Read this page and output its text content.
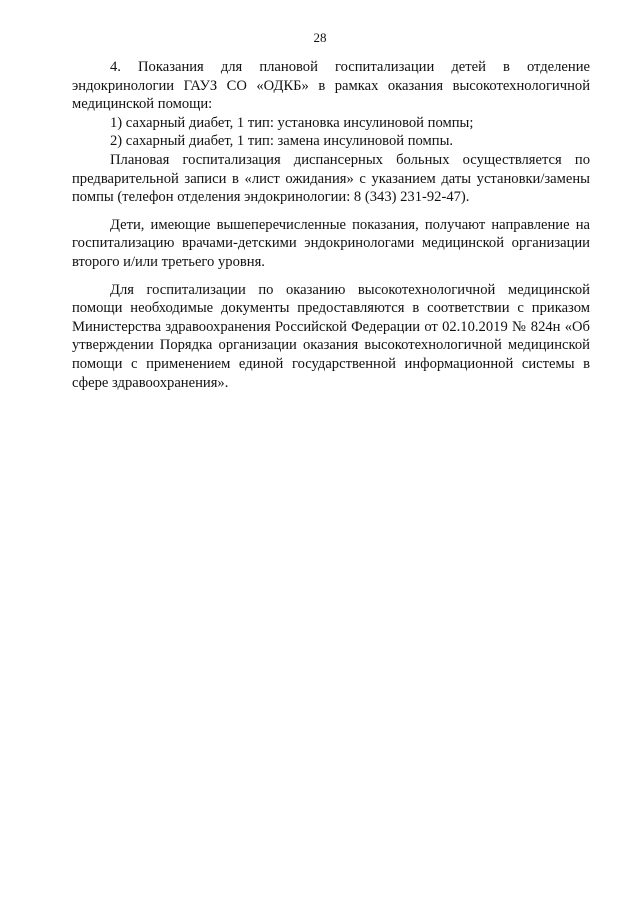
28

4. Показания для плановой госпитализации детей в отделение эндокринологии ГАУЗ СО «ОДКБ» в рамках оказания высокотехнологичной медицинской помощи:

1) сахарный диабет, 1 тип: установка инсулиновой помпы;

2) сахарный диабет, 1 тип: замена инсулиновой помпы.

Плановая госпитализация диспансерных больных осуществляется по предварительной записи в «лист ожидания» с указанием даты установки/замены помпы (телефон отделения эндокринологии: 8 (343) 231-92-47).

Дети, имеющие вышеперечисленные показания, получают направление на госпитализацию врачами-детскими эндокринологами медицинской организации второго и/или третьего уровня.

Для госпитализации по оказанию высокотехнологичной медицинской помощи необходимые документы предоставляются в соответствии с приказом Министерства здравоохранения Российской Федерации от 02.10.2019 № 824н «Об утверждении Порядка организации оказания высокотехнологичной медицинской помощи с применением единой государственной информационной системы в сфере здравоохранения».
